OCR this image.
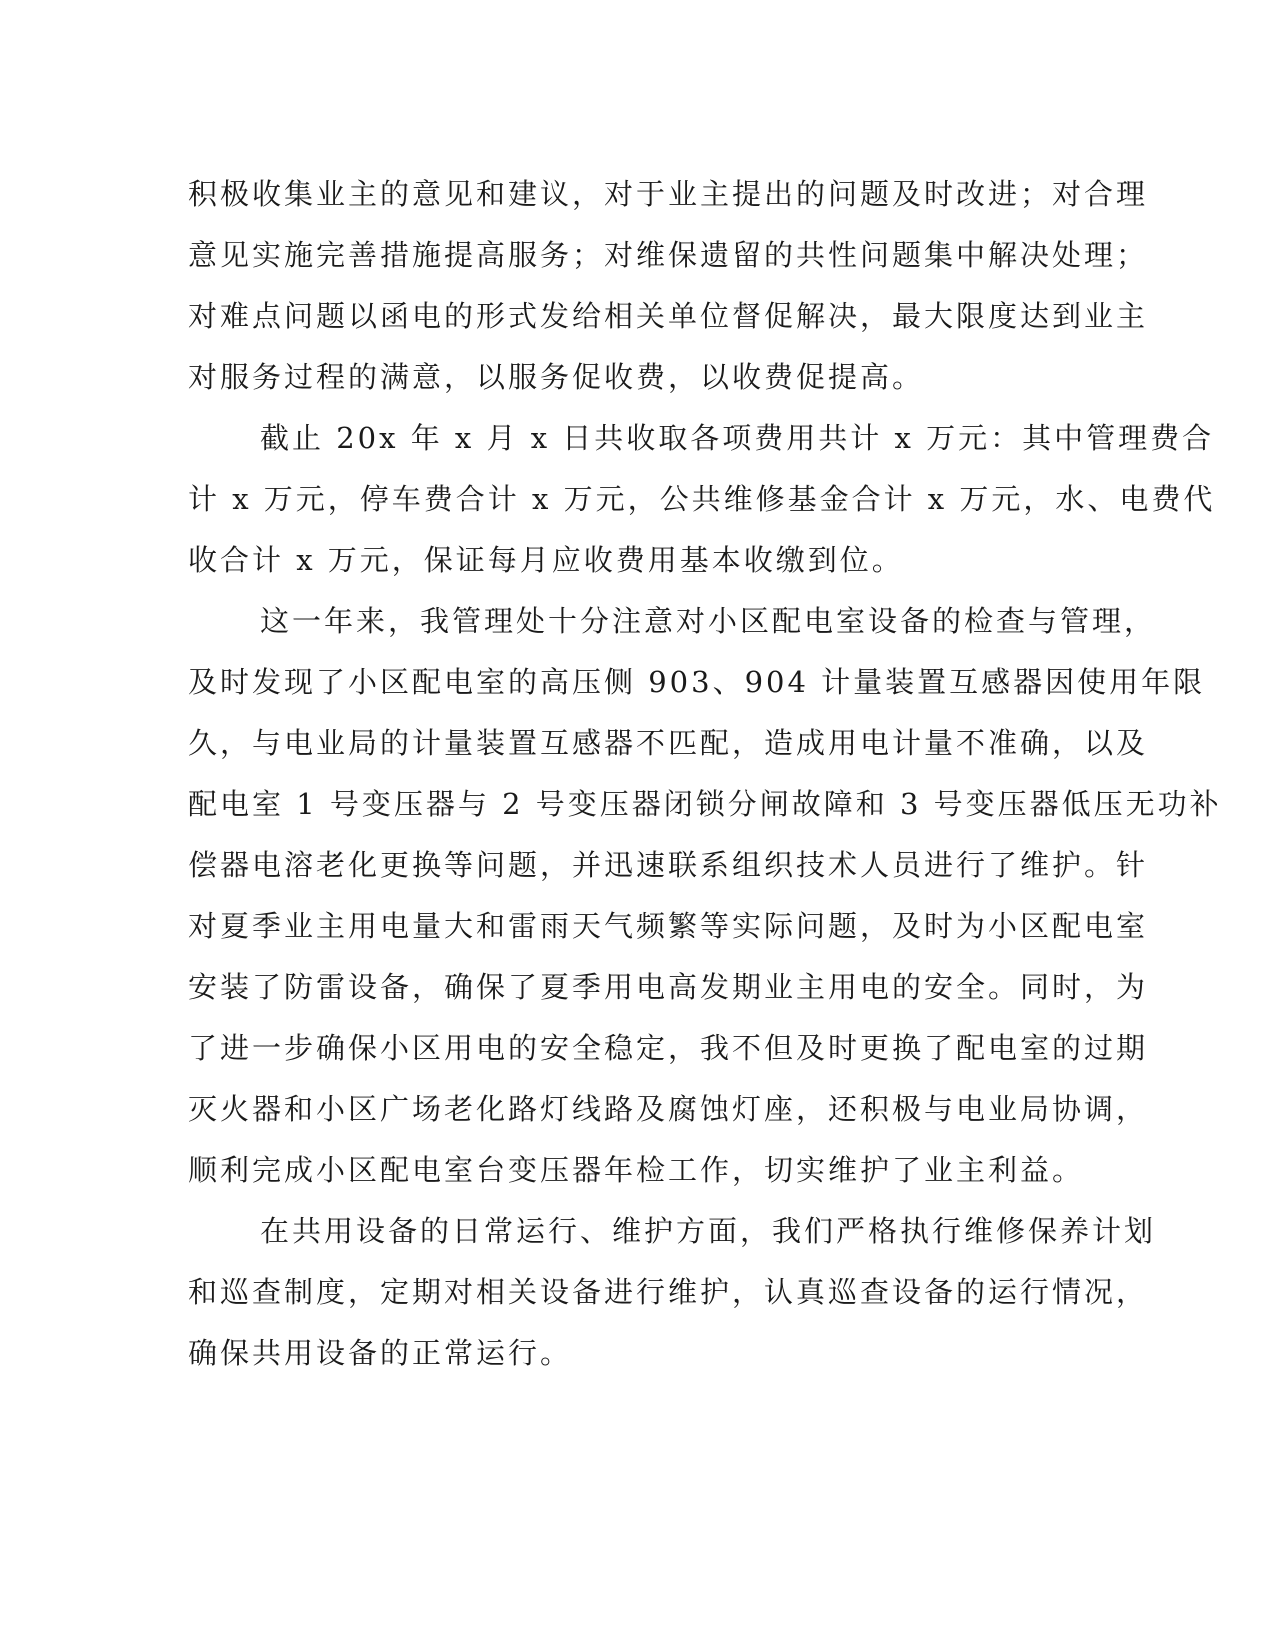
积极收集业主的意见和建议，对于业主提出的问题及时改进；对合理
意见实施完善措施提高服务；对维保遗留的共性问题集中解决处理；
对难点问题以函电的形式发给相关单位督促解决，最大限度达到业主
对服务过程的满意，以服务促收费，以收费促提高。
截止 20x 年 x 月 x 日共收取各项费用共计 x 万元：其中管理费合
计 x 万元，停车费合计 x 万元，公共维修基金合计 x 万元，水、电费代
收合计 x 万元，保证每月应收费用基本收缴到位。
这一年来，我管理处十分注意对小区配电室设备的检查与管理，
及时发现了小区配电室的高压侧 903、904 计量装置互感器因使用年限
久，与电业局的计量装置互感器不匹配，造成用电计量不准确，以及
配电室 1 号变压器与 2 号变压器闭锁分闸故障和 3 号变压器低压无功补
偿器电溶老化更换等问题，并迅速联系组织技术人员进行了维护。针
对夏季业主用电量大和雷雨天气频繁等实际问题，及时为小区配电室
安装了防雷设备，确保了夏季用电高发期业主用电的安全。同时，为
了进一步确保小区用电的安全稳定，我不但及时更换了配电室的过期
灭火器和小区广场老化路灯线路及腐蚀灯座，还积极与电业局协调，
顺利完成小区配电室台变压器年检工作，切实维护了业主利益。
在共用设备的日常运行、维护方面，我们严格执行维修保养计划
和巡查制度，定期对相关设备进行维护，认真巡查设备的运行情况，
确保共用设备的正常运行。
